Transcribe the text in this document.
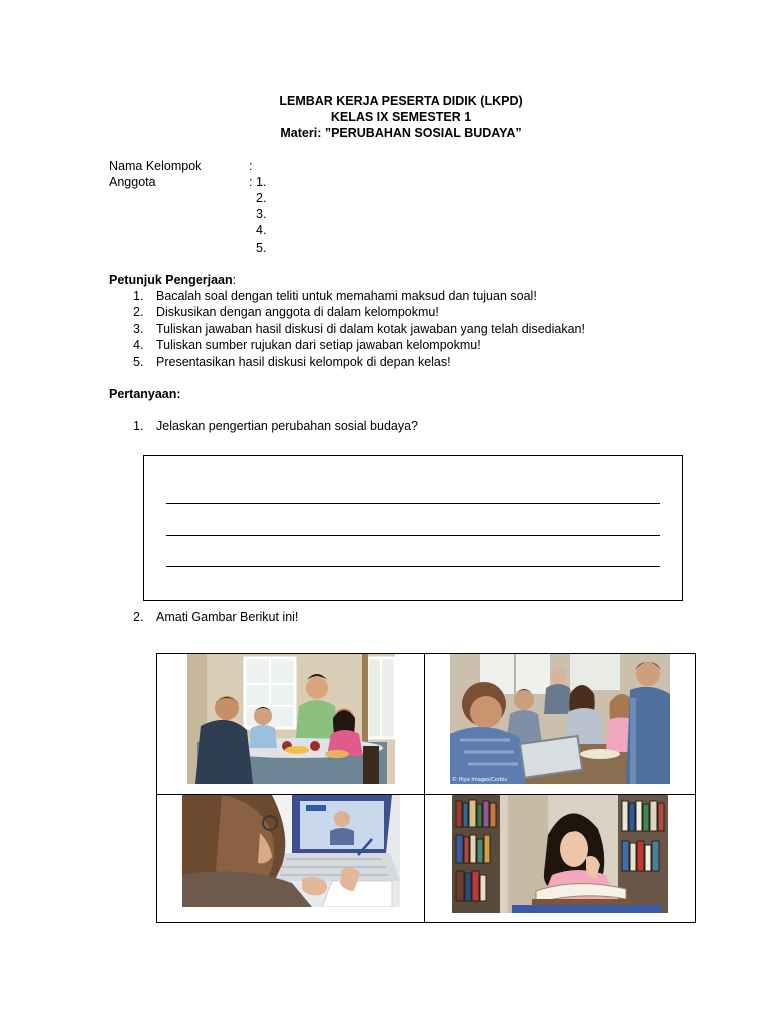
LEMBAR KERJA PESERTA DIDIK (LKPD)
KELAS IX SEMESTER 1
Materi: ”PERUBAHAN SOSIAL BUDAYA”
Nama Kelompok	:
Anggota	: 1.
2.
3.
4.
5.
Petunjuk Pengerjaan:
1. Bacalah soal dengan teliti untuk memahami maksud dan tujuan soal!
2. Diskusikan dengan anggota di dalam kelompokmu!
3. Tuliskan jawaban hasil diskusi di dalam kotak jawaban yang telah disediakan!
4. Tuliskan sumber rujukan dari setiap jawaban kelompokmu!
5. Presentasikan hasil diskusi kelompok di depan kelas!
Pertanyaan:
1. Jelaskan pengertian perubahan sosial budaya?
2. Amati Gambar Berikut ini!
© Hiya Images/Corbis
